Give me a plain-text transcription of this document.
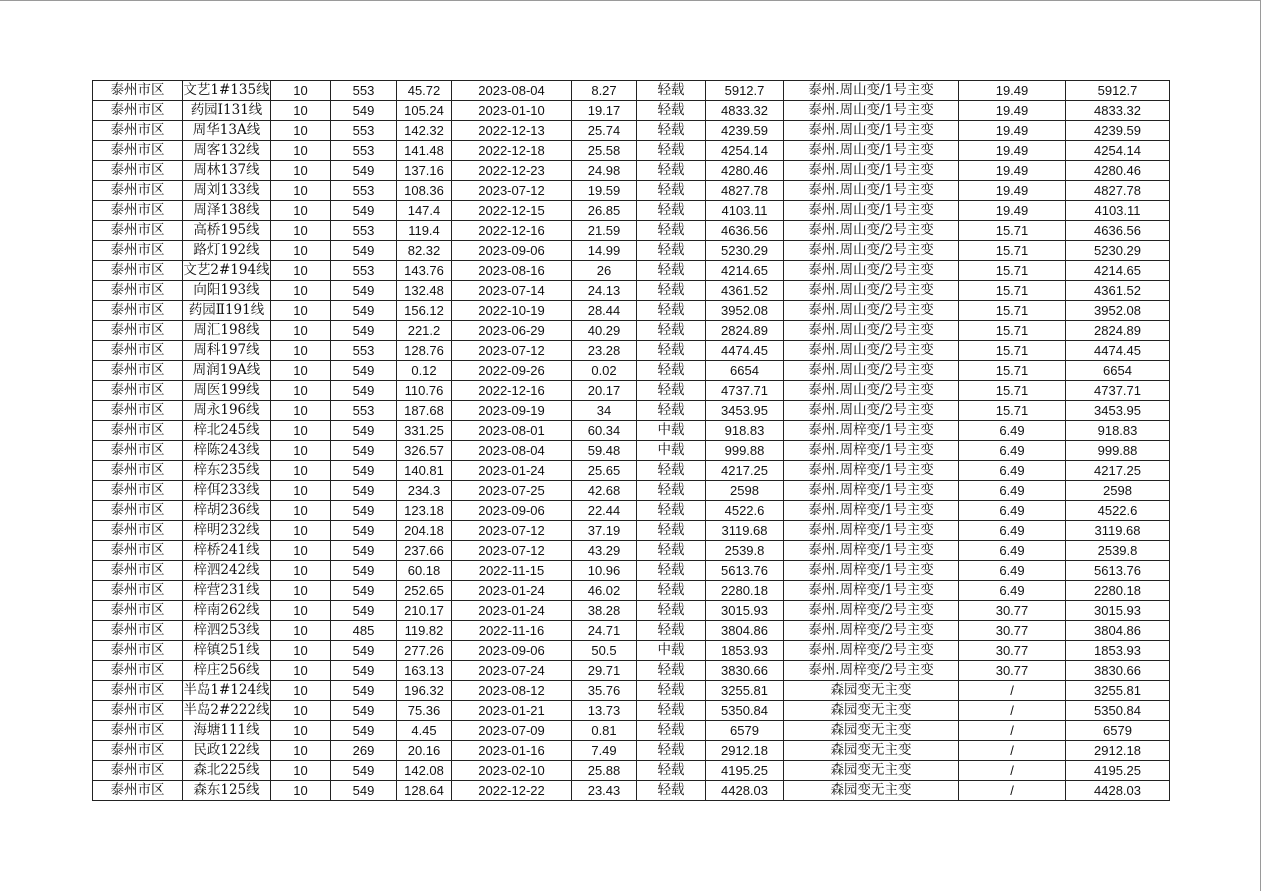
泰州市区	文艺1#135线	10	553	45.72	2023-08-04	8.27	轻载	5912.7	泰州.周山变/1号主变	19.49	5912.7
泰州市区	药园I131线	10	549	105.24	2023-01-10	19.17	轻载	4833.32	泰州.周山变/1号主变	19.49	4833.32
泰州市区	周华13A线	10	553	142.32	2022-12-13	25.74	轻载	4239.59	泰州.周山变/1号主变	19.49	4239.59
泰州市区	周客132线	10	553	141.48	2022-12-18	25.58	轻载	4254.14	泰州.周山变/1号主变	19.49	4254.14
泰州市区	周林137线	10	549	137.16	2022-12-23	24.98	轻载	4280.46	泰州.周山变/1号主变	19.49	4280.46
泰州市区	周刘133线	10	553	108.36	2023-07-12	19.59	轻载	4827.78	泰州.周山变/1号主变	19.49	4827.78
泰州市区	周泽138线	10	549	147.4	2022-12-15	26.85	轻载	4103.11	泰州.周山变/1号主变	19.49	4103.11
泰州市区	高桥195线	10	553	119.4	2022-12-16	21.59	轻载	4636.56	泰州.周山变/2号主变	15.71	4636.56
泰州市区	路灯192线	10	549	82.32	2023-09-06	14.99	轻载	5230.29	泰州.周山变/2号主变	15.71	5230.29
泰州市区	文艺2#194线	10	553	143.76	2023-08-16	26	轻载	4214.65	泰州.周山变/2号主变	15.71	4214.65
泰州市区	向阳193线	10	549	132.48	2023-07-14	24.13	轻载	4361.52	泰州.周山变/2号主变	15.71	4361.52
泰州市区	药园Ⅱ191线	10	549	156.12	2022-10-19	28.44	轻载	3952.08	泰州.周山变/2号主变	15.71	3952.08
泰州市区	周汇198线	10	549	221.2	2023-06-29	40.29	轻载	2824.89	泰州.周山变/2号主变	15.71	2824.89
泰州市区	周科197线	10	553	128.76	2023-07-12	23.28	轻载	4474.45	泰州.周山变/2号主变	15.71	4474.45
泰州市区	周润19A线	10	549	0.12	2022-09-26	0.02	轻载	6654	泰州.周山变/2号主变	15.71	6654
泰州市区	周医199线	10	549	110.76	2022-12-16	20.17	轻载	4737.71	泰州.周山变/2号主变	15.71	4737.71
泰州市区	周永196线	10	553	187.68	2023-09-19	34	轻载	3453.95	泰州.周山变/2号主变	15.71	3453.95
泰州市区	梓北245线	10	549	331.25	2023-08-01	60.34	中载	918.83	泰州.周梓变/1号主变	6.49	918.83
泰州市区	梓陈243线	10	549	326.57	2023-08-04	59.48	中载	999.88	泰州.周梓变/1号主变	6.49	999.88
泰州市区	梓东235线	10	549	140.81	2023-01-24	25.65	轻载	4217.25	泰州.周梓变/1号主变	6.49	4217.25
泰州市区	梓佴233线	10	549	234.3	2023-07-25	42.68	轻载	2598	泰州.周梓变/1号主变	6.49	2598
泰州市区	梓胡236线	10	549	123.18	2023-09-06	22.44	轻载	4522.6	泰州.周梓变/1号主变	6.49	4522.6
泰州市区	梓明232线	10	549	204.18	2023-07-12	37.19	轻载	3119.68	泰州.周梓变/1号主变	6.49	3119.68
泰州市区	梓桥241线	10	549	237.66	2023-07-12	43.29	轻载	2539.8	泰州.周梓变/1号主变	6.49	2539.8
泰州市区	梓泗242线	10	549	60.18	2022-11-15	10.96	轻载	5613.76	泰州.周梓变/1号主变	6.49	5613.76
泰州市区	梓营231线	10	549	252.65	2023-01-24	46.02	轻载	2280.18	泰州.周梓变/1号主变	6.49	2280.18
泰州市区	梓南262线	10	549	210.17	2023-01-24	38.28	轻载	3015.93	泰州.周梓变/2号主变	30.77	3015.93
泰州市区	梓泗253线	10	485	119.82	2022-11-16	24.71	轻载	3804.86	泰州.周梓变/2号主变	30.77	3804.86
泰州市区	梓镇251线	10	549	277.26	2023-09-06	50.5	中载	1853.93	泰州.周梓变/2号主变	30.77	1853.93
泰州市区	梓庄256线	10	549	163.13	2023-07-24	29.71	轻载	3830.66	泰州.周梓变/2号主变	30.77	3830.66
泰州市区	半岛1#124线	10	549	196.32	2023-08-12	35.76	轻载	3255.81	森园变无主变	/	3255.81
泰州市区	半岛2#222线	10	549	75.36	2023-01-21	13.73	轻载	5350.84	森园变无主变	/	5350.84
泰州市区	海塘111线	10	549	4.45	2023-07-09	0.81	轻载	6579	森园变无主变	/	6579
泰州市区	民政122线	10	269	20.16	2023-01-16	7.49	轻载	2912.18	森园变无主变	/	2912.18
泰州市区	森北225线	10	549	142.08	2023-02-10	25.88	轻载	4195.25	森园变无主变	/	4195.25
泰州市区	森东125线	10	549	128.64	2022-12-22	23.43	轻载	4428.03	森园变无主变	/	4428.03
